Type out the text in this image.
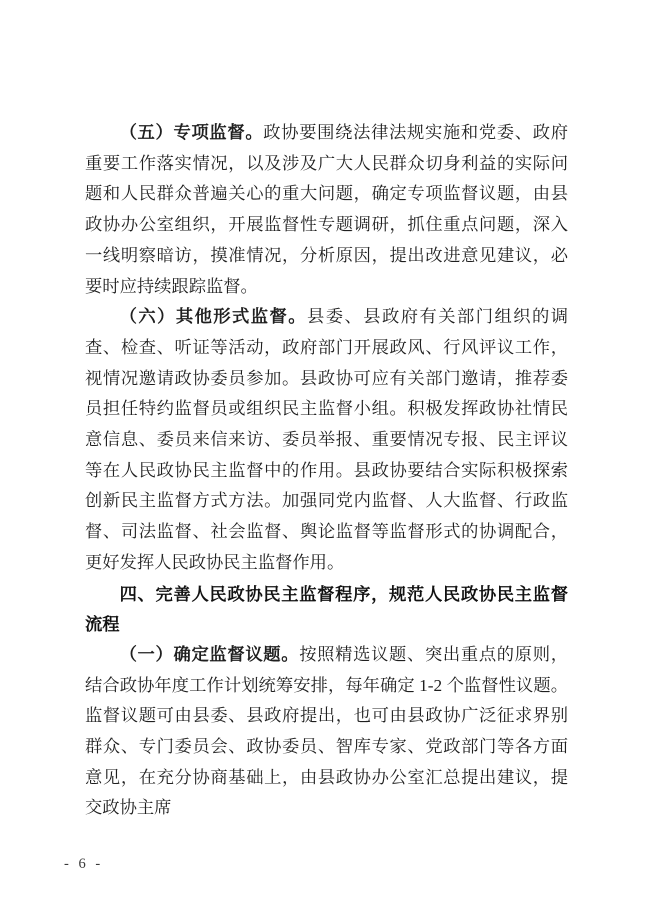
（五）专项监督。政协要围绕法律法规实施和党委、政府重要工作落实情况，以及涉及广大人民群众切身利益的实际问题和人民群众普遍关心的重大问题，确定专项监督议题，由县政协办公室组织，开展监督性专题调研，抓住重点问题，深入一线明察暗访，摸准情况，分析原因，提出改进意见建议，必要时应持续跟踪监督。

（六）其他形式监督。县委、县政府有关部门组织的调查、检查、听证等活动，政府部门开展政风、行风评议工作，视情况邀请政协委员参加。县政协可应有关部门邀请，推荐委员担任特约监督员或组织民主监督小组。积极发挥政协社情民意信息、委员来信来访、委员举报、重要情况专报、民主评议等在人民政协民主监督中的作用。县政协要结合实际积极探索创新民主监督方式方法。加强同党内监督、人大监督、行政监督、司法监督、社会监督、舆论监督等监督形式的协调配合，更好发挥人民政协民主监督作用。

四、完善人民政协民主监督程序，规范人民政协民主监督流程

（一）确定监督议题。按照精选议题、突出重点的原则，结合政协年度工作计划统筹安排，每年确定 1-2 个监督性议题。监督议题可由县委、县政府提出，也可由县政协广泛征求界别群众、专门委员会、政协委员、智库专家、党政部门等各方面意见，在充分协商基础上，由县政协办公室汇总提出建议，提交政协主席

- 6 -
